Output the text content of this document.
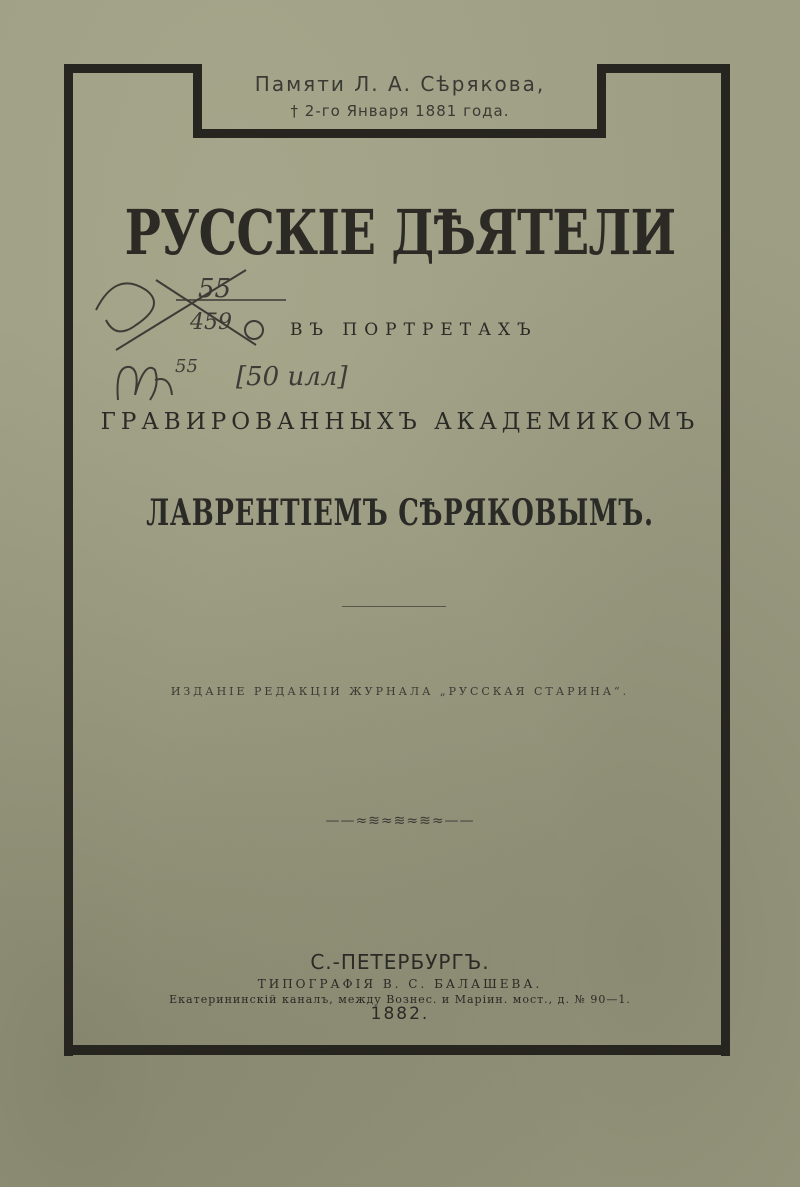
Памяти Л. А. Сѣрякова,
† 2-го Января 1881 года.
РУССКІЕ ДѢЯТЕЛИ
55
459
55 [50 илл]
ВЪ ПОРТРЕТАХЪ
ГРАВИРОВАННЫХЪ АКАДЕМИКОМЪ
ЛАВРЕНТІЕМЪ СѢРЯКОВЫМЪ.
ИЗДАНІЕ РЕДАКЦІИ ЖУРНАЛА „РУССКАЯ СТАРИНА“.
——≈≋≈≋≈≋≈——
С.-ПЕТЕРБУРГЪ.
ТИПОГРАФІЯ В. С. БАЛАШЕВА.
Екатерининскій каналъ, между Вознес. и Маріин. мост., д. № 90—1.
1882.
